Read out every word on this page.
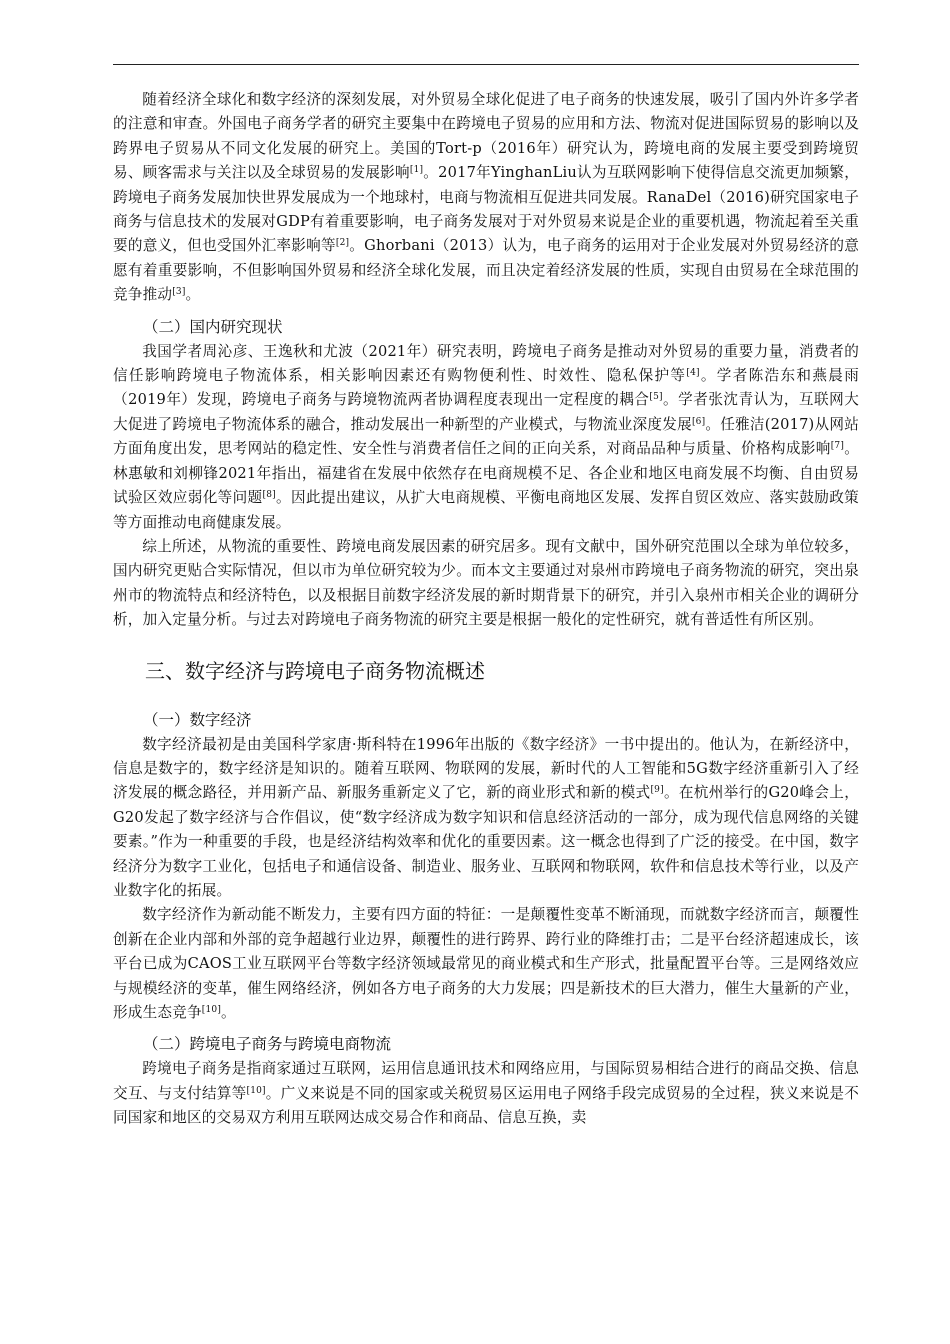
随着经济全球化和数字经济的深刻发展，对外贸易全球化促进了电子商务的快速发展，吸引了国内外许多学者的注意和审查。外国电子商务学者的研究主要集中在跨境电子贸易的应用和方法、物流对促进国际贸易的影响以及跨界电子贸易从不同文化发展的研究上。美国的Tort-p（2016年）研究认为，跨境电商的发展主要受到跨境贸易、顾客需求与关注以及全球贸易的发展影响[1]。2017年YinghanLiu认为互联网影响下使得信息交流更加频繁，跨境电子商务发展加快世界发展成为一个地球村，电商与物流相互促进共同发展。RanaDel（2016)研究国家电子商务与信息技术的发展对GDP有着重要影响，电子商务发展对于对外贸易来说是企业的重要机遇，物流起着至关重要的意义，但也受国外汇率影响等[2]。Ghorbani（2013）认为，电子商务的运用对于企业发展对外贸易经济的意愿有着重要影响，不但影响国外贸易和经济全球化发展，而且决定着经济发展的性质，实现自由贸易在全球范围的竞争推动[3]。

（二）国内研究现状

我国学者周沁彦、王逸秋和尤波（2021年）研究表明，跨境电子商务是推动对外贸易的重要力量，消费者的信任影响跨境电子物流体系，相关影响因素还有购物便利性、时效性、隐私保护等[4]。学者陈浩东和燕晨雨（2019年）发现，跨境电子商务与跨境物流两者协调程度表现出一定程度的耦合[5]。学者张沈青认为，互联网大大促进了跨境电子物流体系的融合，推动发展出一种新型的产业模式，与物流业深度发展[6]。任雅洁(2017)从网站方面角度出发，思考网站的稳定性、安全性与消费者信任之间的正向关系，对商品品种与质量、价格构成影响[7]。林惠敏和刘柳锋2021年指出，福建省在发展中依然存在电商规模不足、各企业和地区电商发展不均衡、自由贸易试验区效应弱化等问题[8]。因此提出建议，从扩大电商规模、平衡电商地区发展、发挥自贸区效应、落实鼓励政策等方面推动电商健康发展。

综上所述，从物流的重要性、跨境电商发展因素的研究居多。现有文献中，国外研究范围以全球为单位较多，国内研究更贴合实际情况，但以市为单位研究较为少。而本文主要通过对泉州市跨境电子商务物流的研究，突出泉州市的物流特点和经济特色，以及根据目前数字经济发展的新时期背景下的研究，并引入泉州市相关企业的调研分析，加入定量分析。与过去对跨境电子商务物流的研究主要是根据一般化的定性研究，就有普适性有所区别。

三、数字经济与跨境电子商务物流概述
（一）数字经济

数字经济最初是由美国科学家唐·斯科特在1996年出版的《数字经济》一书中提出的。他认为，在新经济中，信息是数字的，数字经济是知识的。随着互联网、物联网的发展，新时代的人工智能和5G数字经济重新引入了经济发展的概念路径，并用新产品、新服务重新定义了它，新的商业形式和新的模式[9]。在杭州举行的G20峰会上，G20发起了数字经济与合作倡议，使“数字经济成为数字知识和信息经济活动的一部分，成为现代信息网络的关键要素。”作为一种重要的手段，也是经济结构效率和优化的重要因素。这一概念也得到了广泛的接受。在中国，数字经济分为数字工业化，包括电子和通信设备、制造业、服务业、互联网和物联网，软件和信息技术等行业，以及产业数字化的拓展。

数字经济作为新动能不断发力，主要有四方面的特征：一是颠覆性变革不断涌现，而就数字经济而言，颠覆性创新在企业内部和外部的竞争超越行业边界，颠覆性的进行跨界、跨行业的降维打击；二是平台经济超速成长，该平台已成为CAOS工业互联网平台等数字经济领域最常见的商业模式和生产形式，批量配置平台等。三是网络效应与规模经济的变革，催生网络经济，例如各方电子商务的大力发展；四是新技术的巨大潜力，催生大量新的产业，形成生态竞争[10]。

（二）跨境电子商务与跨境电商物流

跨境电子商务是指商家通过互联网，运用信息通讯技术和网络应用，与国际贸易相结合进行的商品交换、信息交互、与支付结算等[10]。广义来说是不同的国家或关税贸易区运用电子网络手段完成贸易的全过程，狭义来说是不同国家和地区的交易双方利用互联网达成交易合作和商品、信息互换，卖
